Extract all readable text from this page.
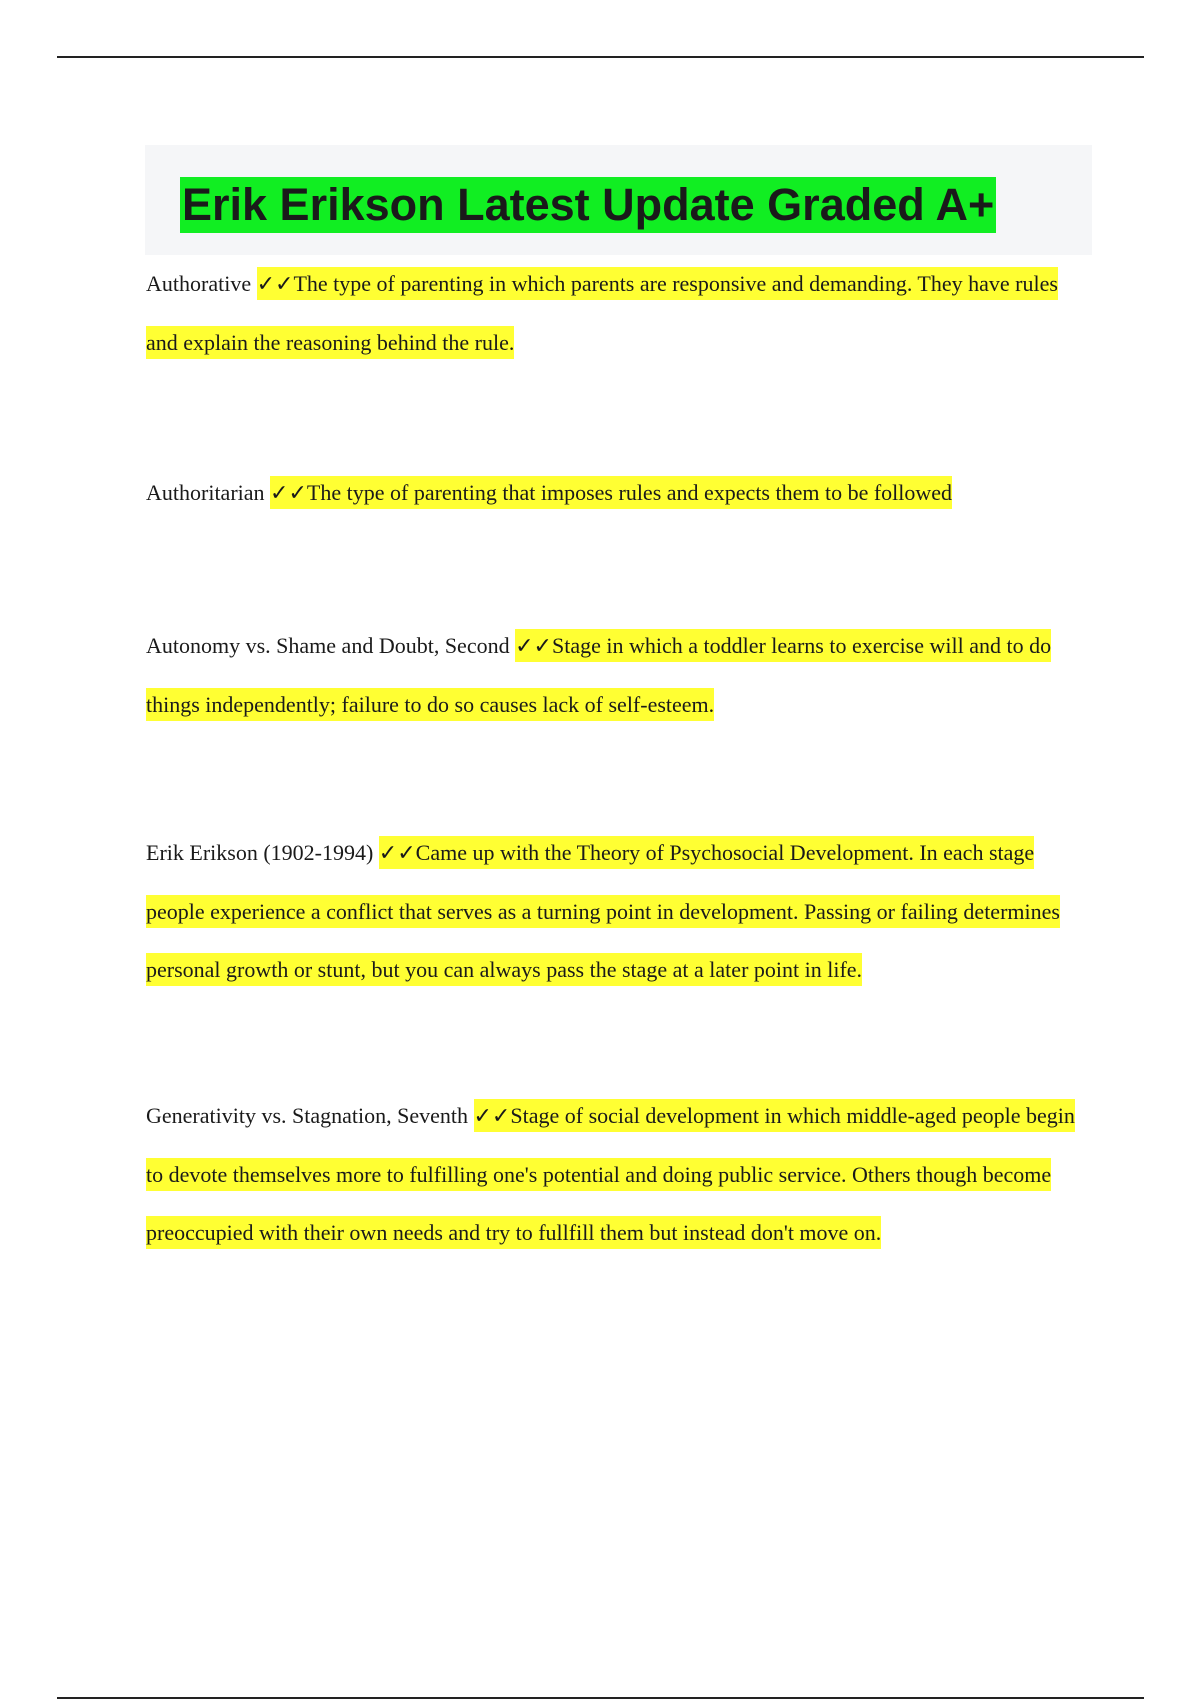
Erik Erikson Latest Update Graded A+

Authorative ✓✓The type of parenting in which parents are responsive and demanding. They have rules and explain the reasoning behind the rule.

Authoritarian ✓✓The type of parenting that imposes rules and expects them to be followed

Autonomy vs. Shame and Doubt, Second ✓✓Stage in which a toddler learns to exercise will and to do things independently; failure to do so causes lack of self-esteem.

Erik Erikson (1902-1994) ✓✓Came up with the Theory of Psychosocial Development. In each stage people experience a conflict that serves as a turning point in development. Passing or failing determines personal growth or stunt, but you can always pass the stage at a later point in life.

Generativity vs. Stagnation, Seventh ✓✓Stage of social development in which middle-aged people begin to devote themselves more to fulfilling one's potential and doing public service. Others though become preoccupied with their own needs and try to fullfill them but instead don't move on.
